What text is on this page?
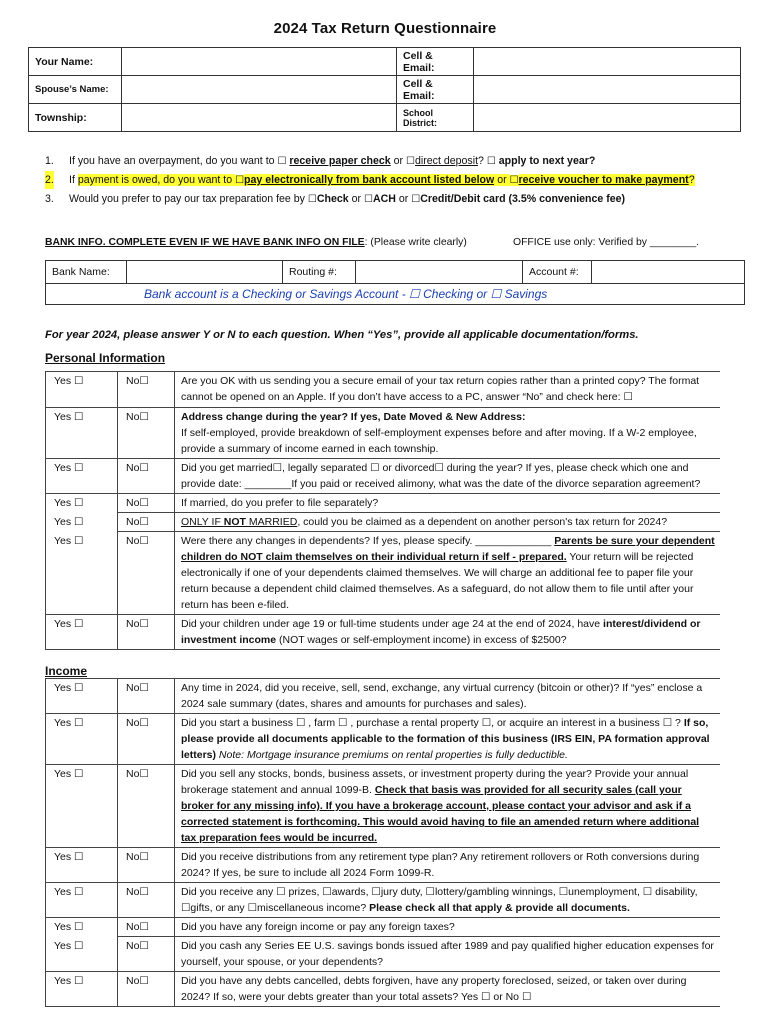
2024 Tax Return Questionnaire
Your Name:		Cell & Email:	
Spouse’s Name:		Cell & Email:	
Township:		School District:	
1. If you have an overpayment, do you want to ☐ receive paper check or ☐direct deposit? ☐ apply to next year?
2. If payment is owed, do you want to ☐pay electronically from bank account listed below or ☐receive voucher to make payment?
3. Would you prefer to pay our tax preparation fee by ☐Check or ☐ACH or ☐Credit/Debit card (3.5% convenience fee)
BANK INFO. COMPLETE EVEN IF WE HAVE BANK INFO ON FILE: (Please write clearly)	OFFICE use only: Verified by ________.
Bank Name:		Routing #:		Account #:	
Bank account is a Checking or Savings Account - ☐ Checking or ☐ Savings
For year 2024, please answer Y or N to each question. When “Yes”, provide all applicable documentation/forms.
Personal Information
Yes ☐	No☐	Are you OK with us sending you a secure email of your tax return copies rather than a printed copy? The format cannot be opened on an Apple. If you don’t have access to a PC, answer “No” and check here: ☐
Yes ☐	No☐	Address change during the year? If yes, Date Moved & New Address:
If self-employed, provide breakdown of self-employment expenses before and after moving. If a W-2 employee, provide a summary of income earned in each township.
Yes ☐	No☐	Did you get married☐, legally separated ☐ or divorced☐ during the year? If yes, please check which one and provide date: ________If you paid or received alimony, what was the date of the divorce separation agreement?
Yes ☐	No☐	If married, do you prefer to file separately?
Yes ☐	No☐	ONLY IF NOT MARRIED, could you be claimed as a dependent on another person's tax return for 2024?
Yes ☐	No☐	Were there any changes in dependents? If yes, please specify. _____________ Parents be sure your dependent children do NOT claim themselves on their individual return if self - prepared. Your return will be rejected electronically if one of your dependents claimed themselves. We will charge an additional fee to paper file your return because a dependent child claimed themselves. As a safeguard, do not allow them to file until after your return has been e-filed.
Yes ☐	No☐	Did your children under age 19 or full-time students under age 24 at the end of 2024, have interest/dividend or investment income (NOT wages or self-employment income) in excess of $2500?
Income
Yes ☐	No☐	Any time in 2024, did you receive, sell, send, exchange, any virtual currency (bitcoin or other)? If “yes” enclose a 2024 sale summary (dates, shares and amounts for purchases and sales).
Yes ☐	No☐	Did you start a business ☐ , farm ☐ , purchase a rental property ☐, or acquire an interest in a business ☐ ? If so, please provide all documents applicable to the formation of this business (IRS EIN, PA formation approval letters) Note: Mortgage insurance premiums on rental properties is fully deductible.
Yes ☐	No☐	Did you sell any stocks, bonds, business assets, or investment property during the year? Provide your annual brokerage statement and annual 1099-B. Check that basis was provided for all security sales (call your broker for any missing info). If you have a brokerage account, please contact your advisor and ask if a corrected statement is forthcoming. This would avoid having to file an amended return where additional tax preparation fees would be incurred.
Yes ☐	No☐	Did you receive distributions from any retirement type plan? Any retirement rollovers or Roth conversions during 2024? If yes, be sure to include all 2024 Form 1099-R.
Yes ☐	No☐	Did you receive any ☐ prizes, ☐awards, ☐jury duty, ☐lottery/gambling winnings, ☐unemployment, ☐ disability, ☐gifts, or any ☐miscellaneous income? Please check all that apply & provide all documents.
Yes ☐	No☐	Did you have any foreign income or pay any foreign taxes?
Yes ☐	No☐	Did you cash any Series EE U.S. savings bonds issued after 1989 and pay qualified higher education expenses for yourself, your spouse, or your dependents?
Yes ☐	No☐	Did you have any debts cancelled, debts forgiven, have any property foreclosed, seized, or taken over during 2024? If so, were your debts greater than your total assets? Yes ☐ or No ☐
